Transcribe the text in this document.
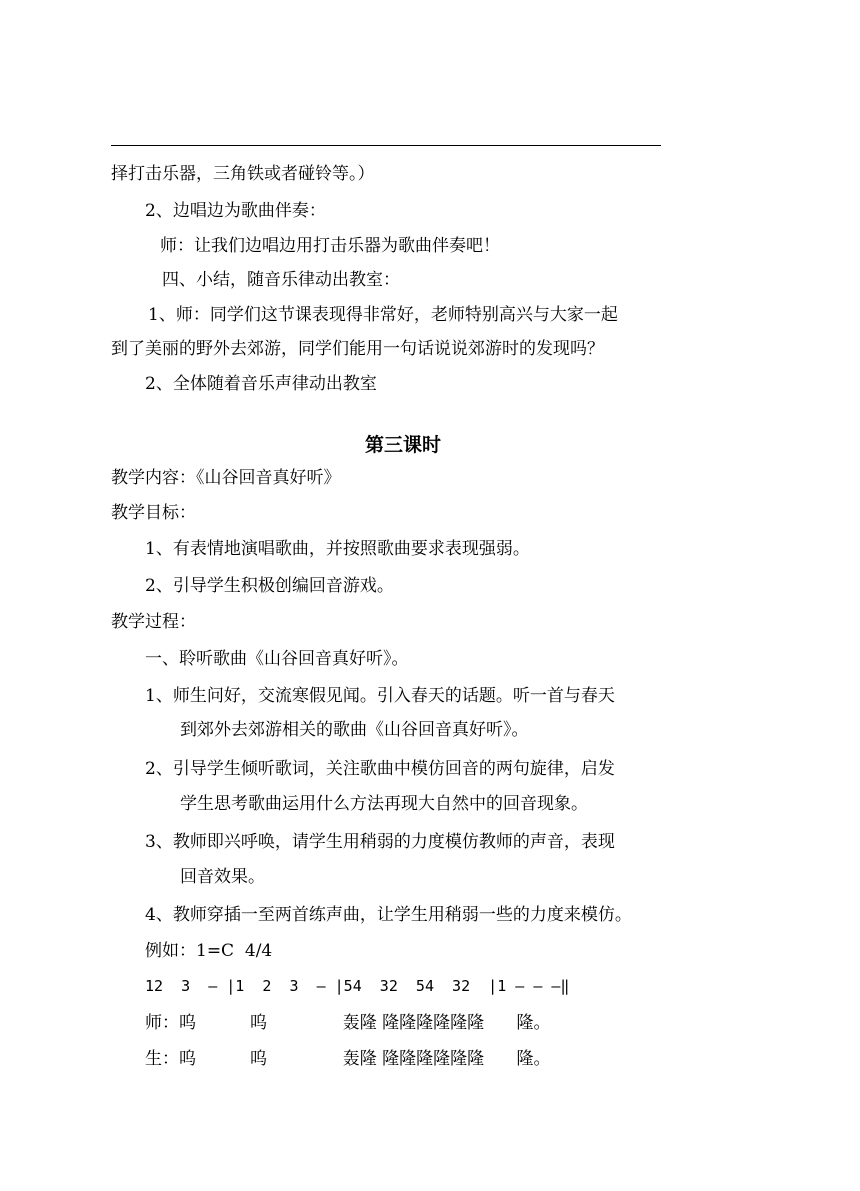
择打击乐器，三角铁或者碰铃等。）
2、边唱边为歌曲伴奏：
师：让我们边唱边用打击乐器为歌曲伴奏吧！
四、小结，随音乐律动出教室：
1、师：同学们这节课表现得非常好，老师特别高兴与大家一起
到了美丽的野外去郊游，同学们能用一句话说说郊游时的发现吗？
2、全体随着音乐声律动出教室
第三课时
教学内容：《山谷回音真好听》
教学目标：
1、有表情地演唱歌曲，并按照歌曲要求表现强弱。
2、引导学生积极创编回音游戏。
教学过程：
一、聆听歌曲《山谷回音真好听》。
1、师生问好，交流寒假见闻。引入春天的话题。听一首与春天
到郊外去郊游相关的歌曲《山谷回音真好听》。
2、引导学生倾听歌词，关注歌曲中模仿回音的两句旋律，启发
学生思考歌曲运用什么方法再现大自然中的回音现象。
3、教师即兴呼唤，请学生用稍弱的力度模仿教师的声音，表现
回音效果。
4、教师穿插一至两首练声曲，让学生用稍弱一些的力度来模仿。
例如：1=C  4/4
12  3  — |1  2  3  — |54  32  54  32  |1 — — —‖
师：呜          呜              轰隆 隆隆隆隆隆隆      隆。
生：呜          呜              轰隆 隆隆隆隆隆隆      隆。
